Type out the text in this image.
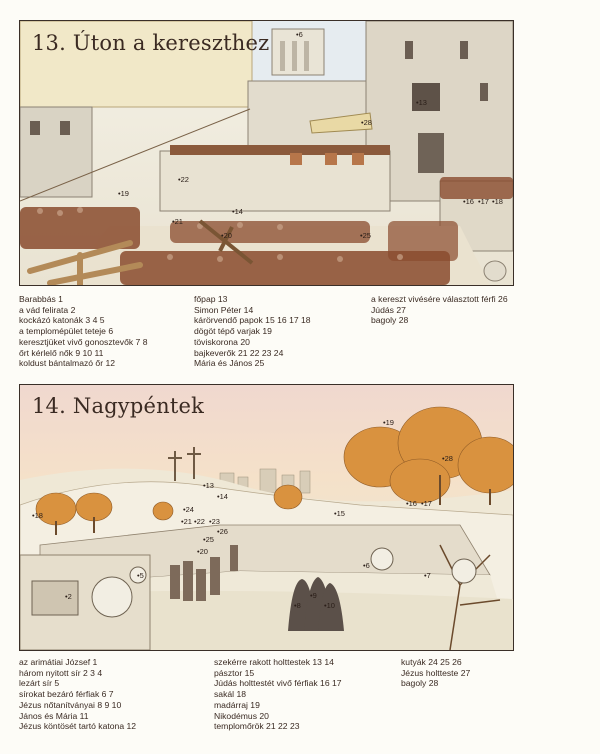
•6
•28
•13
•22
•19
•14
•21
•20	•25
•16 •17 •18
13. Úton a kereszthez
Barabbás 1
a vád felirata 2
kockázó katonák 3 4 5
a templomépület teteje 6
keresztjüket vivő gonosztevők 7 8
őrt kérlelő nők 9 10 11
koldust bántalmazó őr 12
főpap 13
Simon Péter 14
kárörvendő papok 15 16 17 18
dögöt tépő varjak 19
töviskorona 20
bajkeverők 21 22 23 24
Mária és János 25
a kereszt vivésére választott férfi 26
Júdás 27
bagoly 28
•19
•28
•13
•14
•18
•24
•21 •22 •23
•26
•25
•20
•15
•16 •17
•5
•2
•6
•7
•8
•9
•10
14. Nagypéntek
az arimátiai József 1
három nyitott sír 2 3 4
lezárt sír 5
sírokat bezáró férfiak 6 7
Jézus nőtanítványai 8 9 10
János és Mária 11
Jézus köntösét tartó katona 12
szekérre rakott holttestek 13 14
pásztor 15
Júdás holttestét vivő férfiak 16 17
sakál 18
madárraj 19
Nikodémus 20
templomőrök 21 22 23
kutyák 24 25 26
Jézus holtteste 27
bagoly 28
